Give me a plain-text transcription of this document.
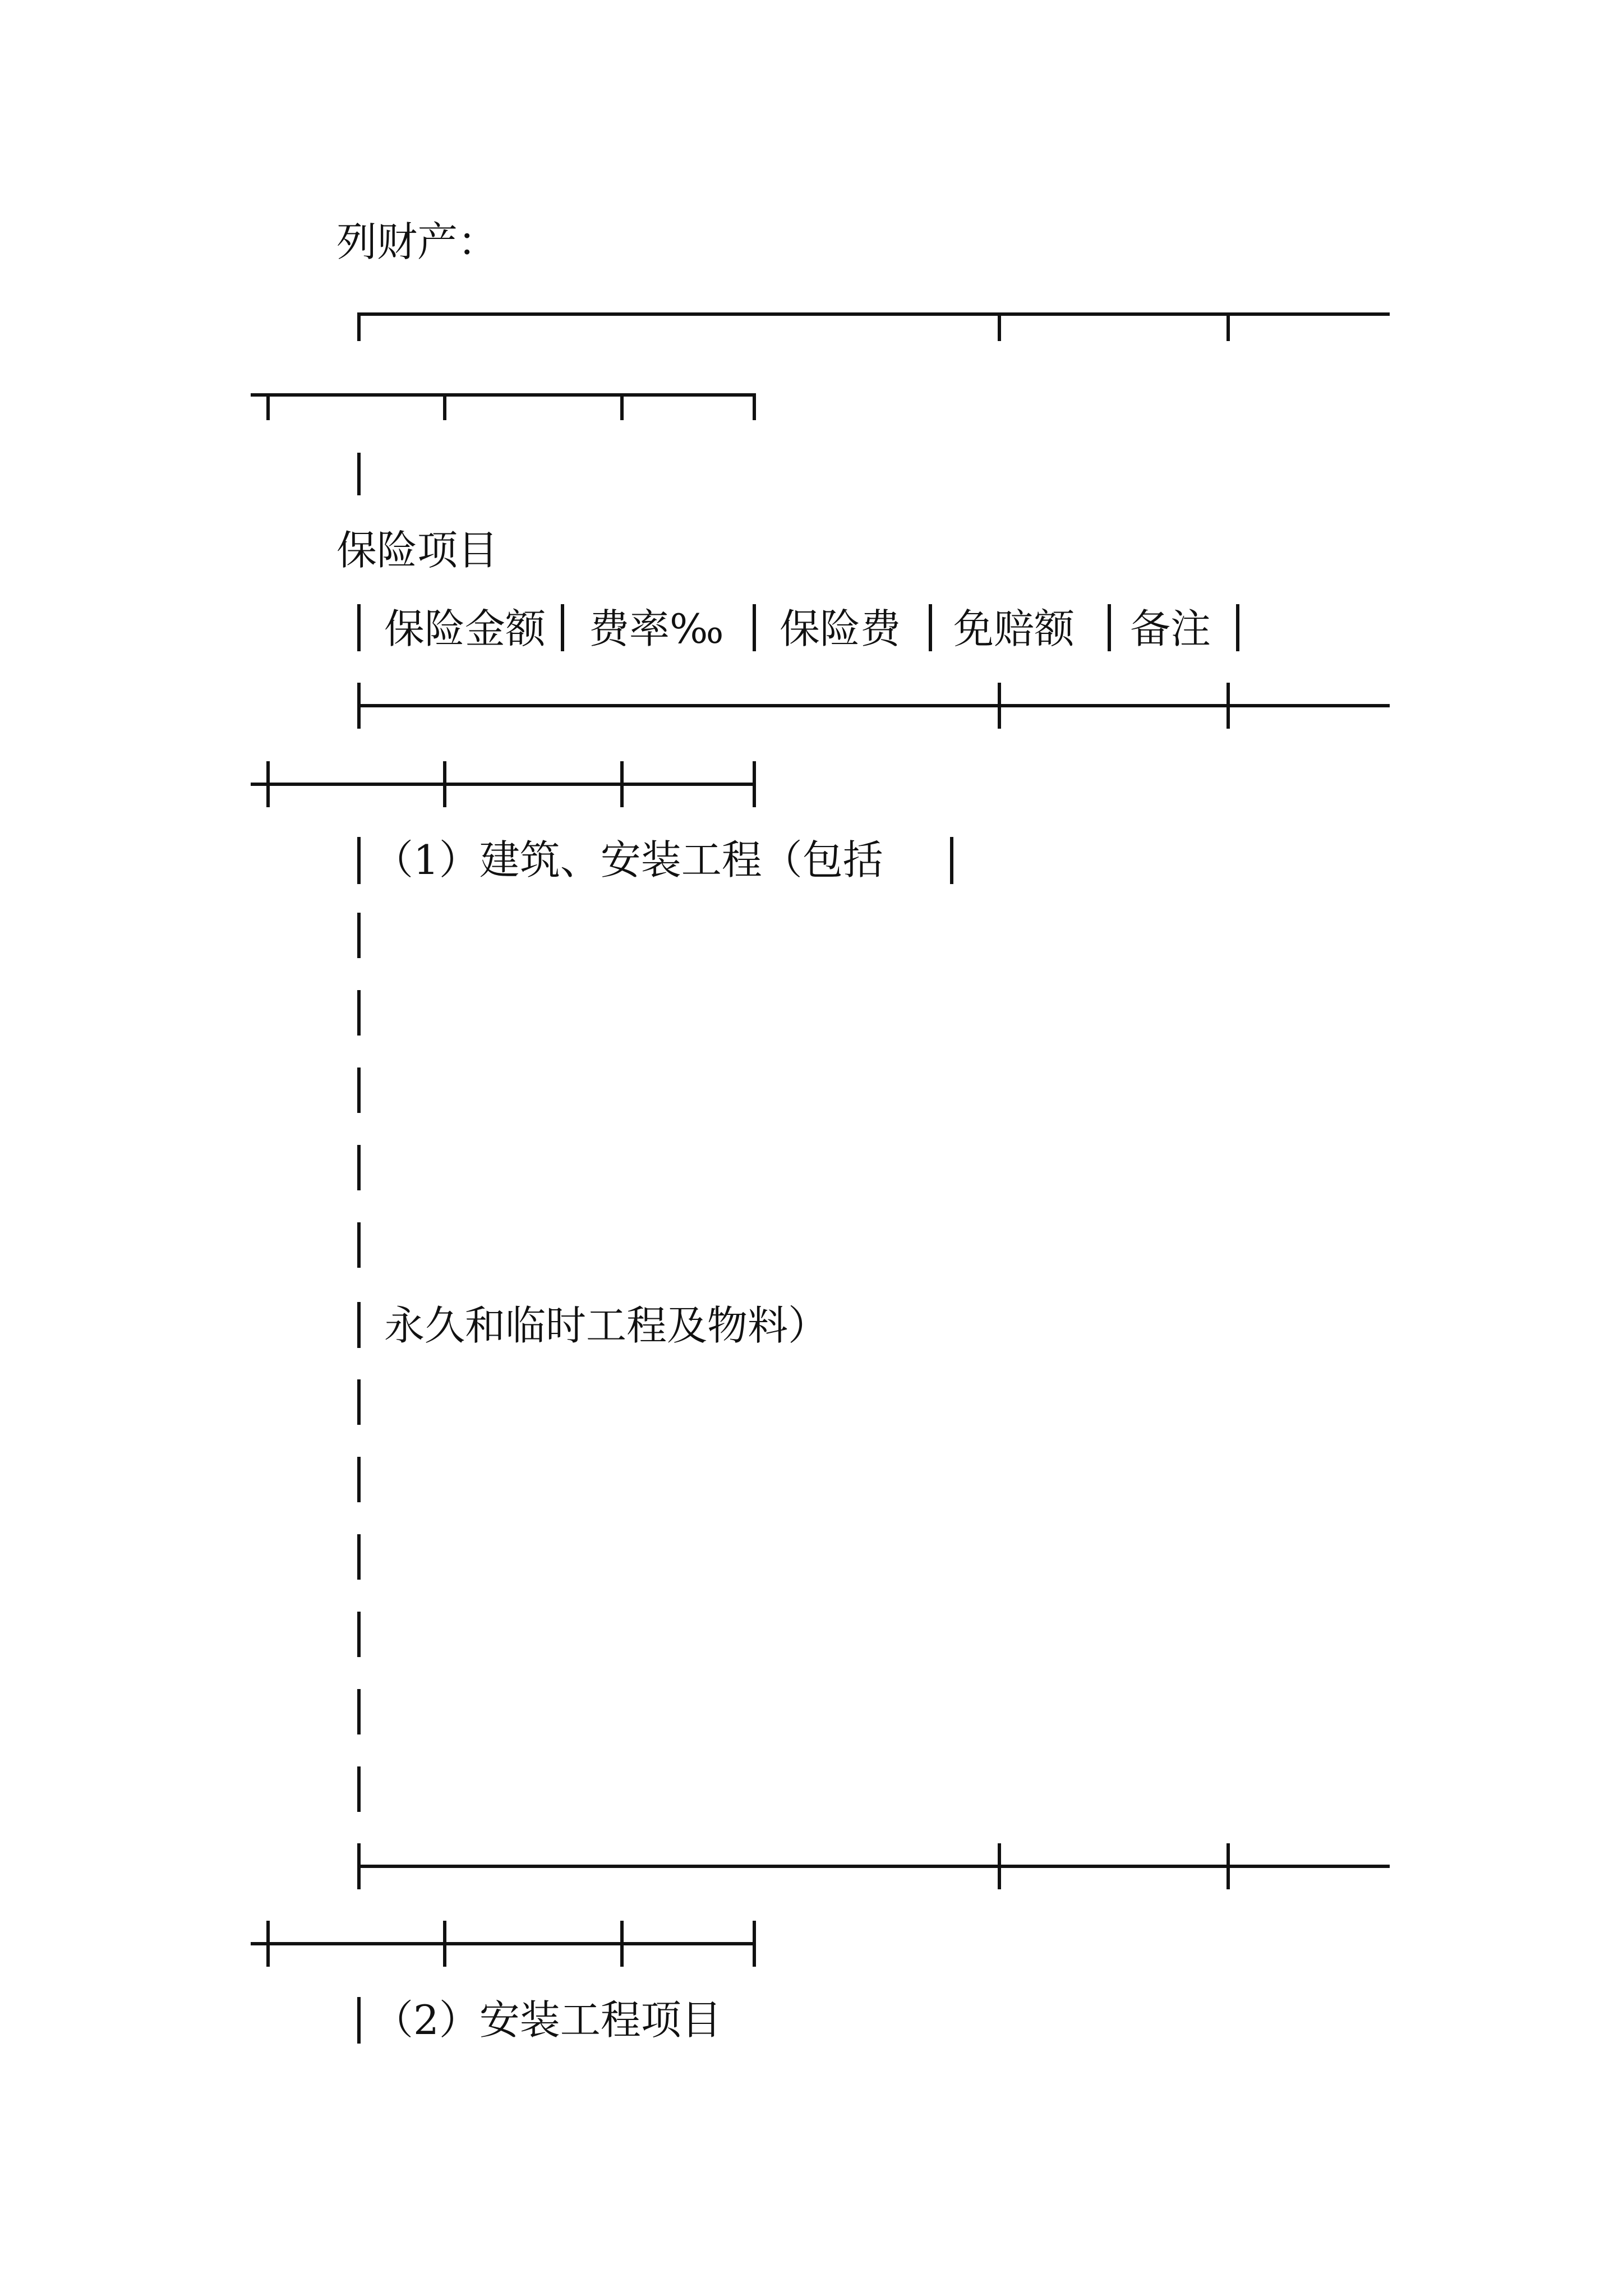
列财产：
保险项目
保险金额 费率‰ 保险费 免赔额 备注
（1）建筑、安装工程（包括
永久和临时工程及物料）
（2）安装工程项目
